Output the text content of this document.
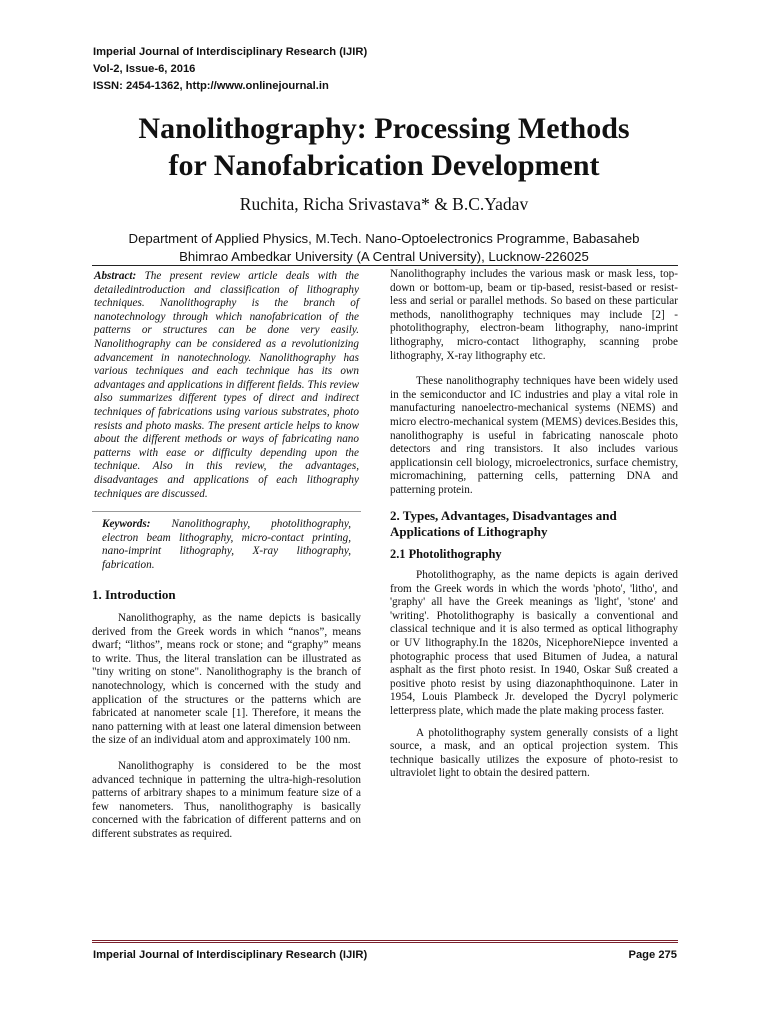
Imperial Journal of Interdisciplinary Research (IJIR)
Vol-2, Issue-6, 2016
ISSN: 2454-1362, http://www.onlinejournal.in
Nanolithography: Processing Methods
for Nanofabrication Development
Ruchita, Richa Srivastava* & B.C.Yadav
Department of Applied Physics, M.Tech. Nano-Optoelectronics Programme, Babasaheb
Bhimrao Ambedkar University (A Central University), Lucknow-226025

Abstract: The present review article deals with the detailedintroduction and classification of lithography techniques. Nanolithography is the branch of nanotechnology through which nanofabrication of the patterns or structures can be done very easily. Nanolithography can be considered as a revolutionizing advancement in nanotechnology. Nanolithography has various techniques and each technique has its own advantages and applications in different fields. This review also summarizes different types of direct and indirect techniques of fabrications using various substrates, photo resists and photo masks. The present article helps to know about the different methods or ways of fabricating nano patterns with ease or difficulty depending upon the technique. Also in this review, the advantages, disadvantages and applications of each lithography techniques are discussed.

Keywords: Nanolithography, photolithography, electron beam lithography, micro-contact printing, nano-imprint lithography, X-ray lithography, fabrication.

1. Introduction

Nanolithography, as the name depicts is basically derived from the Greek words in which “nanos”, means dwarf; “lithos”, means rock or stone; and “graphy” means to write. Thus, the literal translation can be illustrated as "tiny writing on stone". Nanolithography is the branch of nanotechnology, which is concerned with the study and application of the structures or the patterns which are fabricated at nanometer scale [1]. Therefore, it means the nano patterning with at least one lateral dimension between the size of an individual atom and approximately 100 nm.

Nanolithography is considered to be the most advanced technique in patterning the ultra-high-resolution patterns of arbitrary shapes to a minimum feature size of a few nanometers. Thus, nanolithography is basically concerned with the fabrication of different patterns and on different substrates as required.

Nanolithography includes the various mask or mask less, top-down or bottom-up, beam or tip-based, resist-based or resist-less and serial or parallel methods. So based on these particular methods, nanolithography techniques may include [2] -photolithography, electron-beam lithography, nano-imprint lithography, micro-contact lithography, scanning probe lithography, X-ray lithography etc.

These nanolithography techniques have been widely used in the semiconductor and IC industries and play a vital role in manufacturing nanoelectro-mechanical systems (NEMS) and micro electro-mechanical system (MEMS) devices.Besides this, nanolithography is useful in fabricating nanoscale photo detectors and ring transistors. It also includes various applicationsin cell biology, microelectronics, surface chemistry, micromachining, patterning cells, patterning DNA and patterning protein.

2. Types, Advantages, Disadvantages and Applications of Lithography

2.1 Photolithography

Photolithography, as the name depicts is again derived from the Greek words in which the words 'photo', 'litho', and 'graphy' all have the Greek meanings as 'light', 'stone' and 'writing'. Photolithography is basically a conventional and classical technique and it is also termed as optical lithography or UV lithography.In the 1820s, NicephoreNiepce invented a photographic process that used Bitumen of Judea, a natural asphalt as the first photo resist. In 1940, Oskar Suß created a positive photo resist by using diazonaphthoquinone. Later in 1954, Louis Plambeck Jr. developed the Dycryl polymeric letterpress plate, which made the plate making process faster.

A photolithography system generally consists of a light source, a mask, and an optical projection system. This technique basically utilizes the exposure of photo-resist to ultraviolet light to obtain the desired pattern.

Imperial Journal of Interdisciplinary Research (IJIR)	Page 275
